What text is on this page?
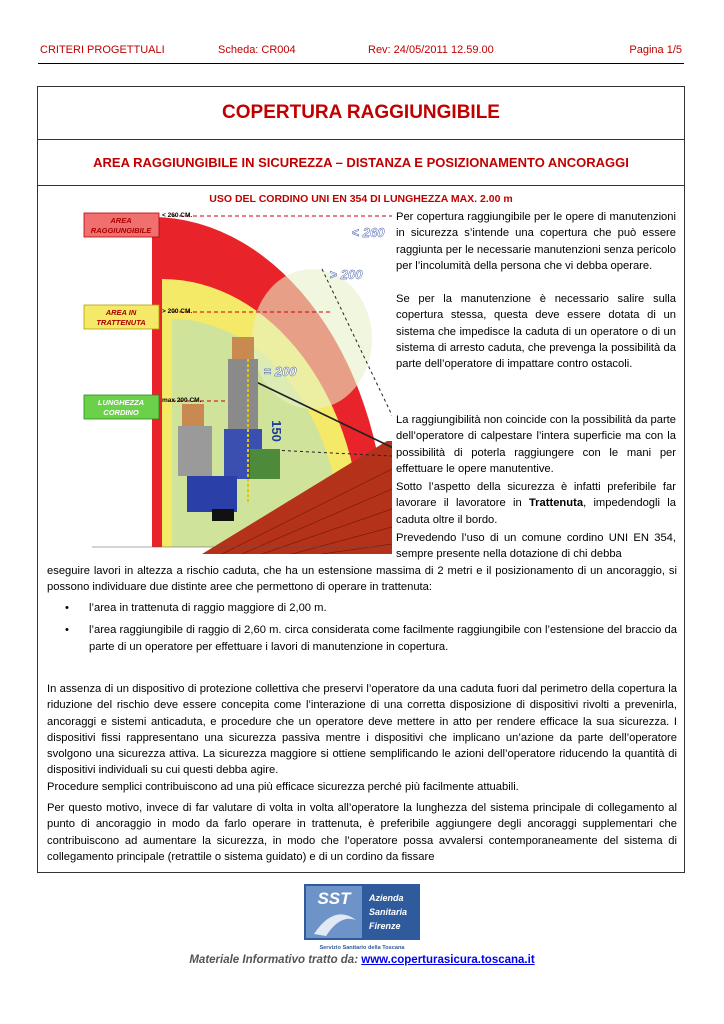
CRITERI PROGETTUALI	Scheda: CR004	Rev: 24/05/2011 12.59.00	Pagina 1/5
COPERTURA RAGGIUNGIBILE
AREA RAGGIUNGIBILE IN SICUREZZA – DISTANZA E POSIZIONAMENTO ANCORAGGI
USO DEL CORDINO UNI EN 354 DI LUNGHEZZA MAX. 2.00 m
AREA
RAGGIUNGIBILE
< 260 CM.
AREA IN
TRATTENUTA
> 200 CM.
LUNGHEZZA
CORDINO
max 200 CM.
< 260
> 200
= 200
150

Per copertura raggiungibile per le opere di manutenzioni in sicurezza s’intende una copertura che può essere raggiunta per le necessarie manutenzioni senza pericolo per l’incolumità della persona che vi debba operare.

Se per la manutenzione è necessario salire sulla copertura stessa, questa deve essere dotata di un sistema che impedisce la caduta di un operatore o di un sistema di arresto caduta, che prevenga la possibilità da parte dell’operatore di impattare contro ostacoli.

La raggiungibilità non coincide con la possibilità da parte dell’operatore di calpestare l’intera superficie ma con la possibilità di poterla raggiungere con le mani per effettuare le opere manutentive.

Sotto l’aspetto della sicurezza è infatti preferibile far lavorare il lavoratore in Trattenuta, impedendogli la caduta oltre il bordo.

Prevedendo l’uso di un comune cordino UNI EN 354, sempre presente nella dotazione di chi debba

eseguire lavori in altezza a rischio caduta, che ha un estensione massima di 2 metri e il posizionamento di un ancoraggio, si possono individuare due distinte aree che permettono di operare in trattenuta:

• l’area in trattenuta di raggio maggiore di 2,00 m.
• l’area raggiungibile di raggio di 2,60 m. circa considerata come facilmente raggiungibile con l’estensione del braccio da parte di un operatore per effettuare i lavori di manutenzione in copertura.

In assenza di un dispositivo di protezione collettiva che preservi l’operatore da una caduta fuori dal perimetro della copertura la riduzione del rischio deve essere concepita come l’interazione di una corretta disposizione di dispositivi rivolti a prevenirla, ancoraggi e sistemi anticaduta, e procedure che un operatore deve mettere in atto per rendere efficace la sua sicurezza. I dispositivi fissi rappresentano una sicurezza passiva mentre i dispositivi che implicano un’azione da parte dell’operatore svolgono una sicurezza attiva. La sicurezza maggiore si ottiene semplificando le azioni dell’operatore riducendo la quantità di dispositivi individuali su cui questi debba agire.

Procedure semplici contribuiscono ad una più efficace sicurezza perché più facilmente attuabili.

Per questo motivo, invece di far valutare di volta in volta all’operatore la lunghezza del sistema principale di collegamento al punto di ancoraggio in modo da farlo operare in trattenuta, è preferibile aggiungere degli ancoraggi supplementari che contribuiscono ad aumentare la sicurezza, in modo che l’operatore possa avvalersi contemporaneamente del sistema di collegamento principale (retrattile o sistema guidato) e di un cordino da fissare

SST Azienda
Sanitaria
Firenze
Servizio Sanitario della Toscana
Materiale Informativo tratto da: www.coperturasicura.toscana.it
